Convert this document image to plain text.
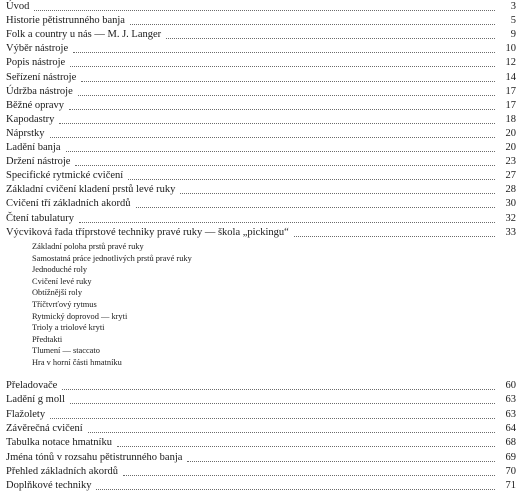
Úvod	3
Historie pětistrunného banja	5
Folk a country u nás — M. J. Langer	9
Výběr nástroje	10
Popis nástroje	12
Seřízení nástroje	14
Údržba nástroje	17
Běžné opravy	17
Kapodastry	18
Náprstky	20
Ladění banja	20
Držení nástroje	23
Specifické rytmické cvičení	27
Základní cvičení kladení prstů levé ruky	28
Cvičení tří základních akordů	30
Čtení tabulatury	32
Výcviková řada tříprstové techniky pravé ruky — škola „pickingu“	33
Základní poloha prstů pravé ruky
Samostatná práce jednotlivých prstů pravé ruky
Jednoduché roly
Cvičení levé ruky
Obtížnější roly
Tříčtvrťový rytmus
Rytmický doprovod — kryti
Trioly a triolové kryti
Předtakti
Tlumení — staccato
Hra v horní části hmatníku
Přeladovače	60
Ladění g moll	63
Flažolety	63
Závěrečná cvičení	64
Tabulka notace hmatníku	68
Jména tónů v rozsahu pětistrunného banja	69
Přehled základních akordů	70
Doplňkové techniky	71
